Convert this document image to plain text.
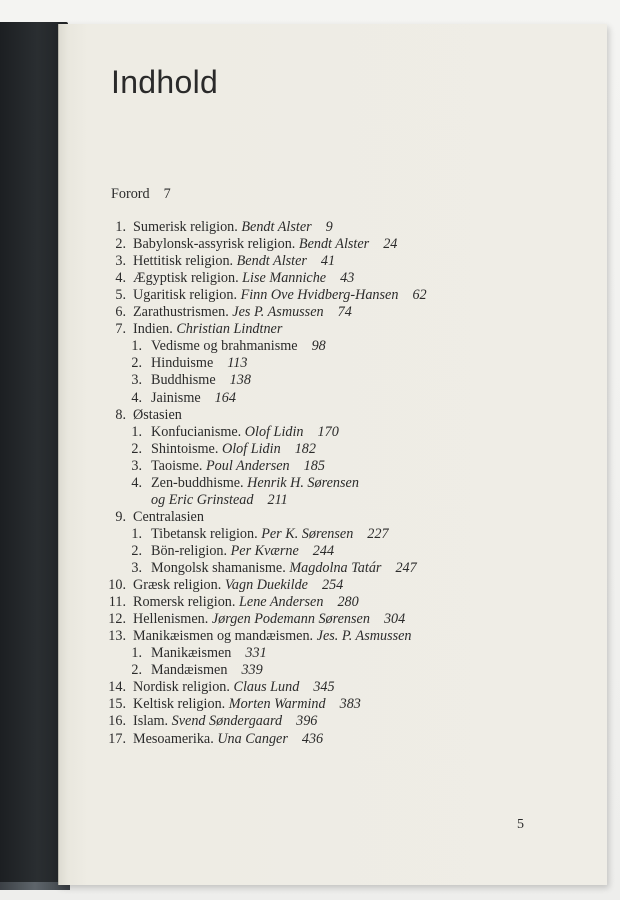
Indhold
Forord 7
1. Sumerisk religion. Bendt Alster 9
2. Babylonsk-assyrisk religion. Bendt Alster 24
3. Hettitisk religion. Bendt Alster 41
4. Ægyptisk religion. Lise Manniche 43
5. Ugaritisk religion. Finn Ove Hvidberg-Hansen 62
6. Zarathustrismen. Jes P. Asmussen 74
7. Indien. Christian Lindtner
1. Vedisme og brahmanisme 98
2. Hinduisme 113
3. Buddhisme 138
4. Jainisme 164
8. Østasien
1. Konfucianisme. Olof Lidin 170
2. Shintoisme. Olof Lidin 182
3. Taoisme. Poul Andersen 185
4. Zen-buddhisme. Henrik H. Sørensen
og Eric Grinstead 211
9. Centralasien
1. Tibetansk religion. Per K. Sørensen 227
2. Bön-religion. Per Kværne 244
3. Mongolsk shamanisme. Magdolna Tatár 247
10. Græsk religion. Vagn Duekilde 254
11. Romersk religion. Lene Andersen 280
12. Hellenismen. Jørgen Podemann Sørensen 304
13. Manikæismen og mandæismen. Jes. P. Asmussen
1. Manikæismen 331
2. Mandæismen 339
14. Nordisk religion. Claus Lund 345
15. Keltisk religion. Morten Warmind 383
16. Islam. Svend Søndergaard 396
17. Mesoamerika. Una Canger 436
5
